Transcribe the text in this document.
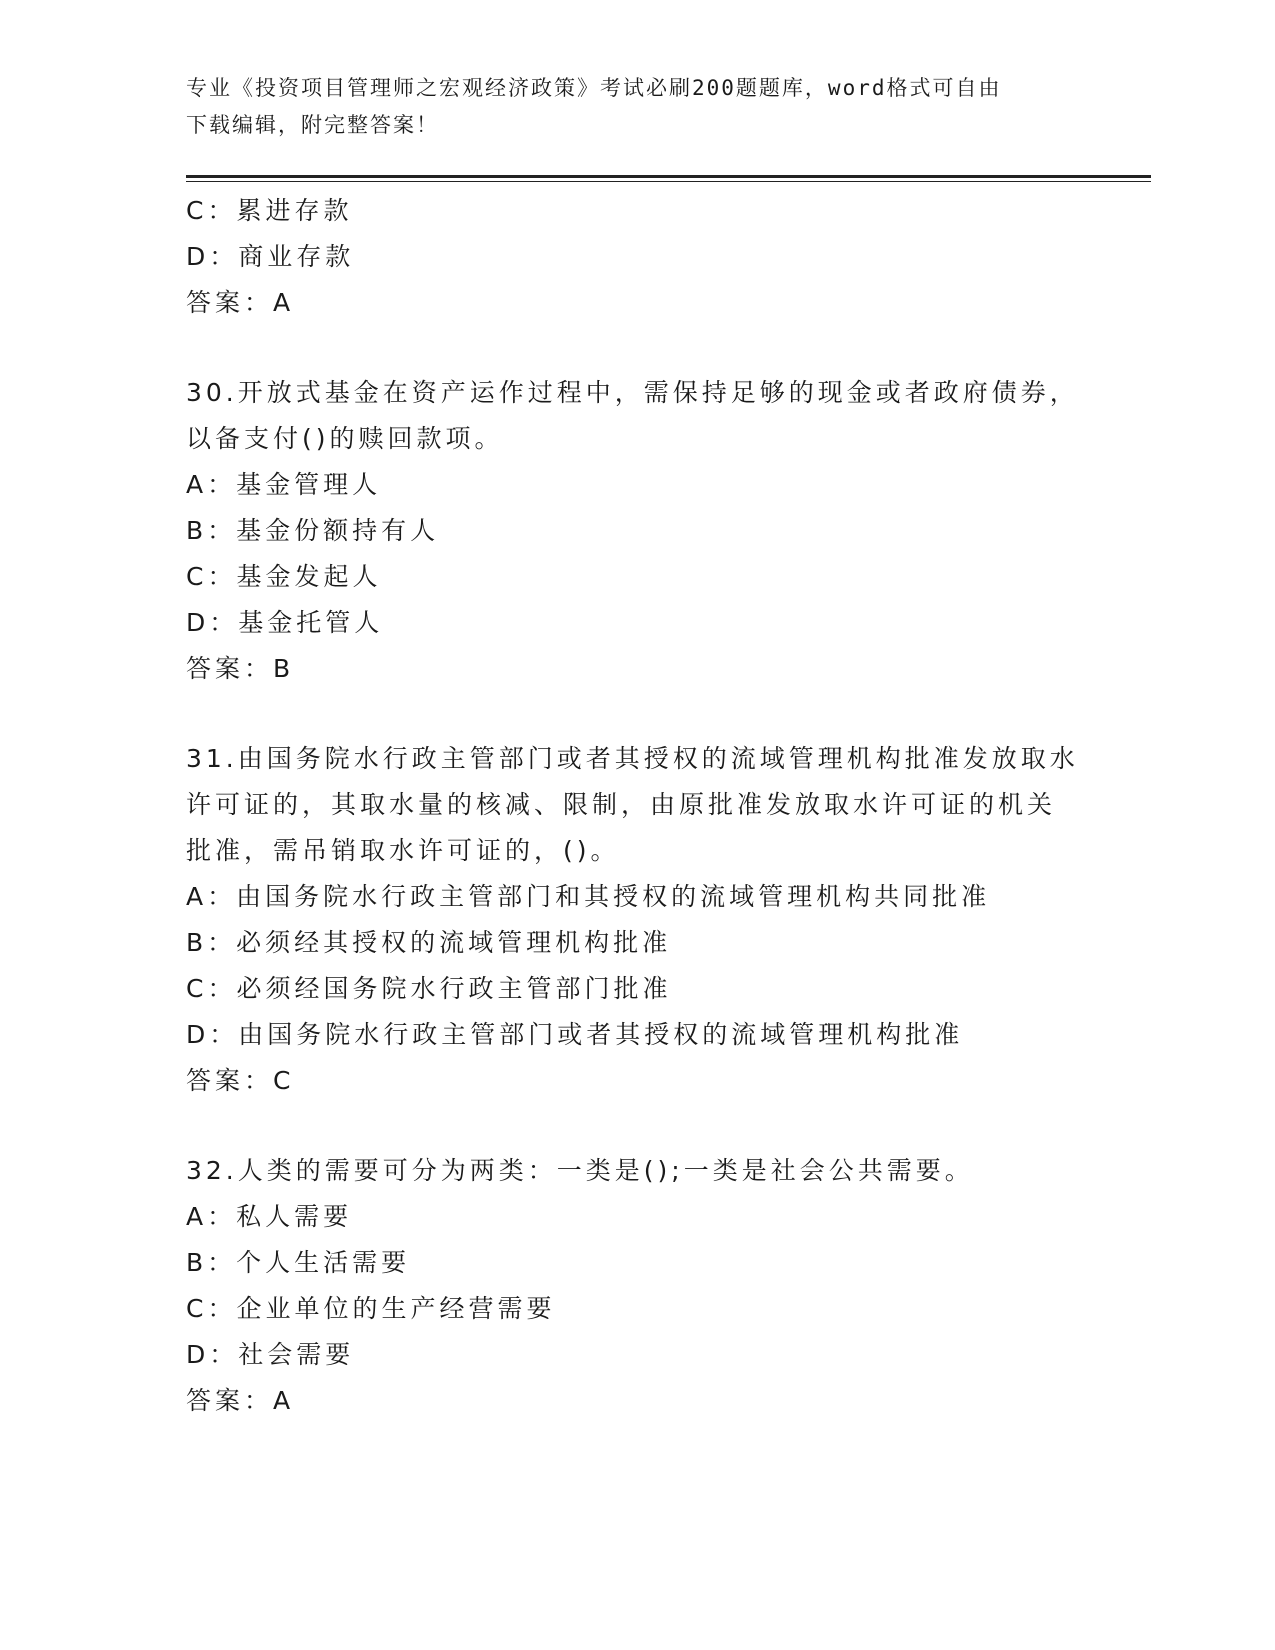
专业《投资项目管理师之宏观经济政策》考试必刷200题题库，word格式可自由
下载编辑，附完整答案！
C：累进存款
D：商业存款
答案：A
30.开放式基金在资产运作过程中，需保持足够的现金或者政府债券，
以备支付()的赎回款项。
A：基金管理人
B：基金份额持有人
C：基金发起人
D：基金托管人
答案：B
31.由国务院水行政主管部门或者其授权的流域管理机构批准发放取水
许可证的，其取水量的核减、限制，由原批准发放取水许可证的机关
批准，需吊销取水许可证的，()。
A：由国务院水行政主管部门和其授权的流域管理机构共同批准
B：必须经其授权的流域管理机构批准
C：必须经国务院水行政主管部门批准
D：由国务院水行政主管部门或者其授权的流域管理机构批准
答案：C
32.人类的需要可分为两类：一类是();一类是社会公共需要。
A：私人需要
B：个人生活需要
C：企业单位的生产经营需要
D：社会需要
答案：A
